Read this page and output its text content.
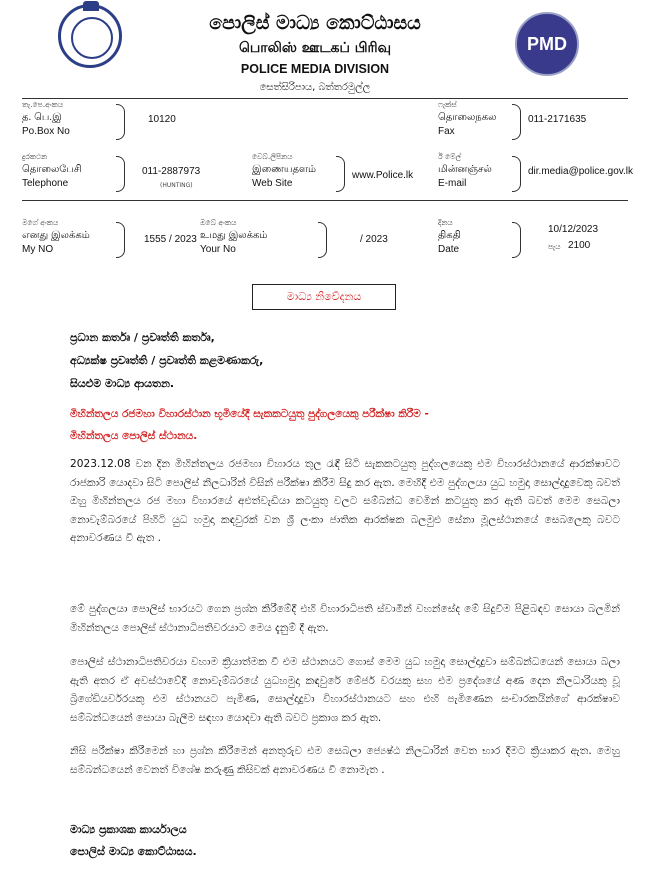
PMD
පොලිස් මාධ්‍ය කොට්ඨාසය
பொலிஸ் ஊடகப் பிரிவு
POLICE MEDIA DIVISION
සෙත්සිරිපාය, බත්තරමුල්ල
තැ.පෙ.අංකය
த. பெ.இ
Po.Box No
10120
ෆැක්ස්
தொலைநகல
Fax
011-2171635
දුරකථන
தொலைபேசி
Telephone
011-2887973
(HUNTING)
වෙබ්.ලිපිනය
இணையதளம்
Web Site
www.Police.lk
ඊ මේල්
மின்னஞ்சல்
E-mail
dir.media@police.gov.lk
මගේ අංකය
எனது இலக்கம்
My NO
1555 / 2023
ඔබේ අංකය
உமது இலக்கம்
Your No
/ 2023
දිනය
திகதி
Date
10/12/2023
පැය 2100
මාධ්‍ය නිවේදනය
ප්‍රධාන කර්තෘ / ප්‍රවෘත්ති කර්තෘ,
අධ්‍යක්ෂ ප්‍රවෘත්ති / ප්‍රවෘත්ති කළමණාකරු,
සියළුම මාධ්‍ය ආයතන.
මිහින්තලය රජමහා විහාරස්ථාන භූමියේදී සැකකටයුතු පුද්ගලයෙකු පරීක්ෂා කිරීම -
මිහින්තලය පොලිස් ස්ථානය.
2023.12.08 වන දින මිහින්තලය රජමහා විහාරය තුල රැඳී සිටි සැකකටයුතු පුද්ගලයෙකු එම විහාරස්ථානයේ ආරක්ෂාවට රාජකාරි යොදවා සිටි පොලිස් නිලධාරින් විසින් පරීක්ෂා කිරීම සිදු කර ඇත. මෙහිදී එම පුද්ගලයා යුධ හමුදා සොල්දාදුවෙකු බවත් ඔහු මිහින්තලය රජ මහා විහාරයේ අළුත්වැඩියා කටයුතු වලට සම්බන්ධ වෙමින් කටයුතු කර ඇති බවත් මෙම සෙබලා නොවැම්බරයේ පිහිටි යුධ හමුදා කඳවුරක් වන ශ්‍රී ලංකා ජාතික ආරක්ෂක බලමුළු සේනා මූලස්ථානයේ සෙබලෙකු බවට අනාවරණය වී ඇත .
මේ පුද්ගලයා පොලිස් භාරයට ගෙන ප්‍රශ්න කිරීමේදී එහි විහාරාධිපති ස්වාමීන් වහන්සේද මේ සිදුවීම පිළිබඳව සොයා බලමින් මිහින්තලය පොලිස් ස්ථානාධිපතිවරයාට මෙය දැනුම් දී ඇත.
පොලිස් ස්ථානාධිපතිවරයා වහාම ක්‍රියාත්මක වී එම ස්ථානයට ගොස් මෙම යුධ හමුදා සොල්දාදුවා සම්බන්ධයෙන් සොයා බලා ඇති අතර ඒ අවස්ථාවේදී නොවැම්බරයේ යුධහමුදා කඳවුරේ මේජර් වරයකු සහ එම ප්‍රදේශයේ අණ දෙන නිලධාරියකු වූ බ්‍රිගේඩියර්වරයකු එම ස්ථානයට පැමිණ, සොල්දාදුවා විහාරස්ථානයට සහ එහි පැමිණෙන සංචාරකයින්ගේ ආරක්ෂාව සම්බන්ධයෙන් සොයා බැලීම සඳහා යොදවා ඇති බවට ප්‍රකාශ කර ඇත.
නිසි පරීක්ෂා කිරීමෙන් හා ප්‍රශ්න කිරීමෙන් අනතුරුව එම සෙබලා ජ්‍යෙෂ්ඨ නිලධාරින් වෙත භාර දීමට ක්‍රියාකර ඇත. මෙහු සම්බන්ධයෙන් වෙනත් විශේෂ කරුණු කිසිවක් අනාවරණය වී නොමැත .
මාධ්‍ය ප්‍රකාශක කාර්යාලය
පොලිස් මාධ්‍ය කොට්ඨාසය.
